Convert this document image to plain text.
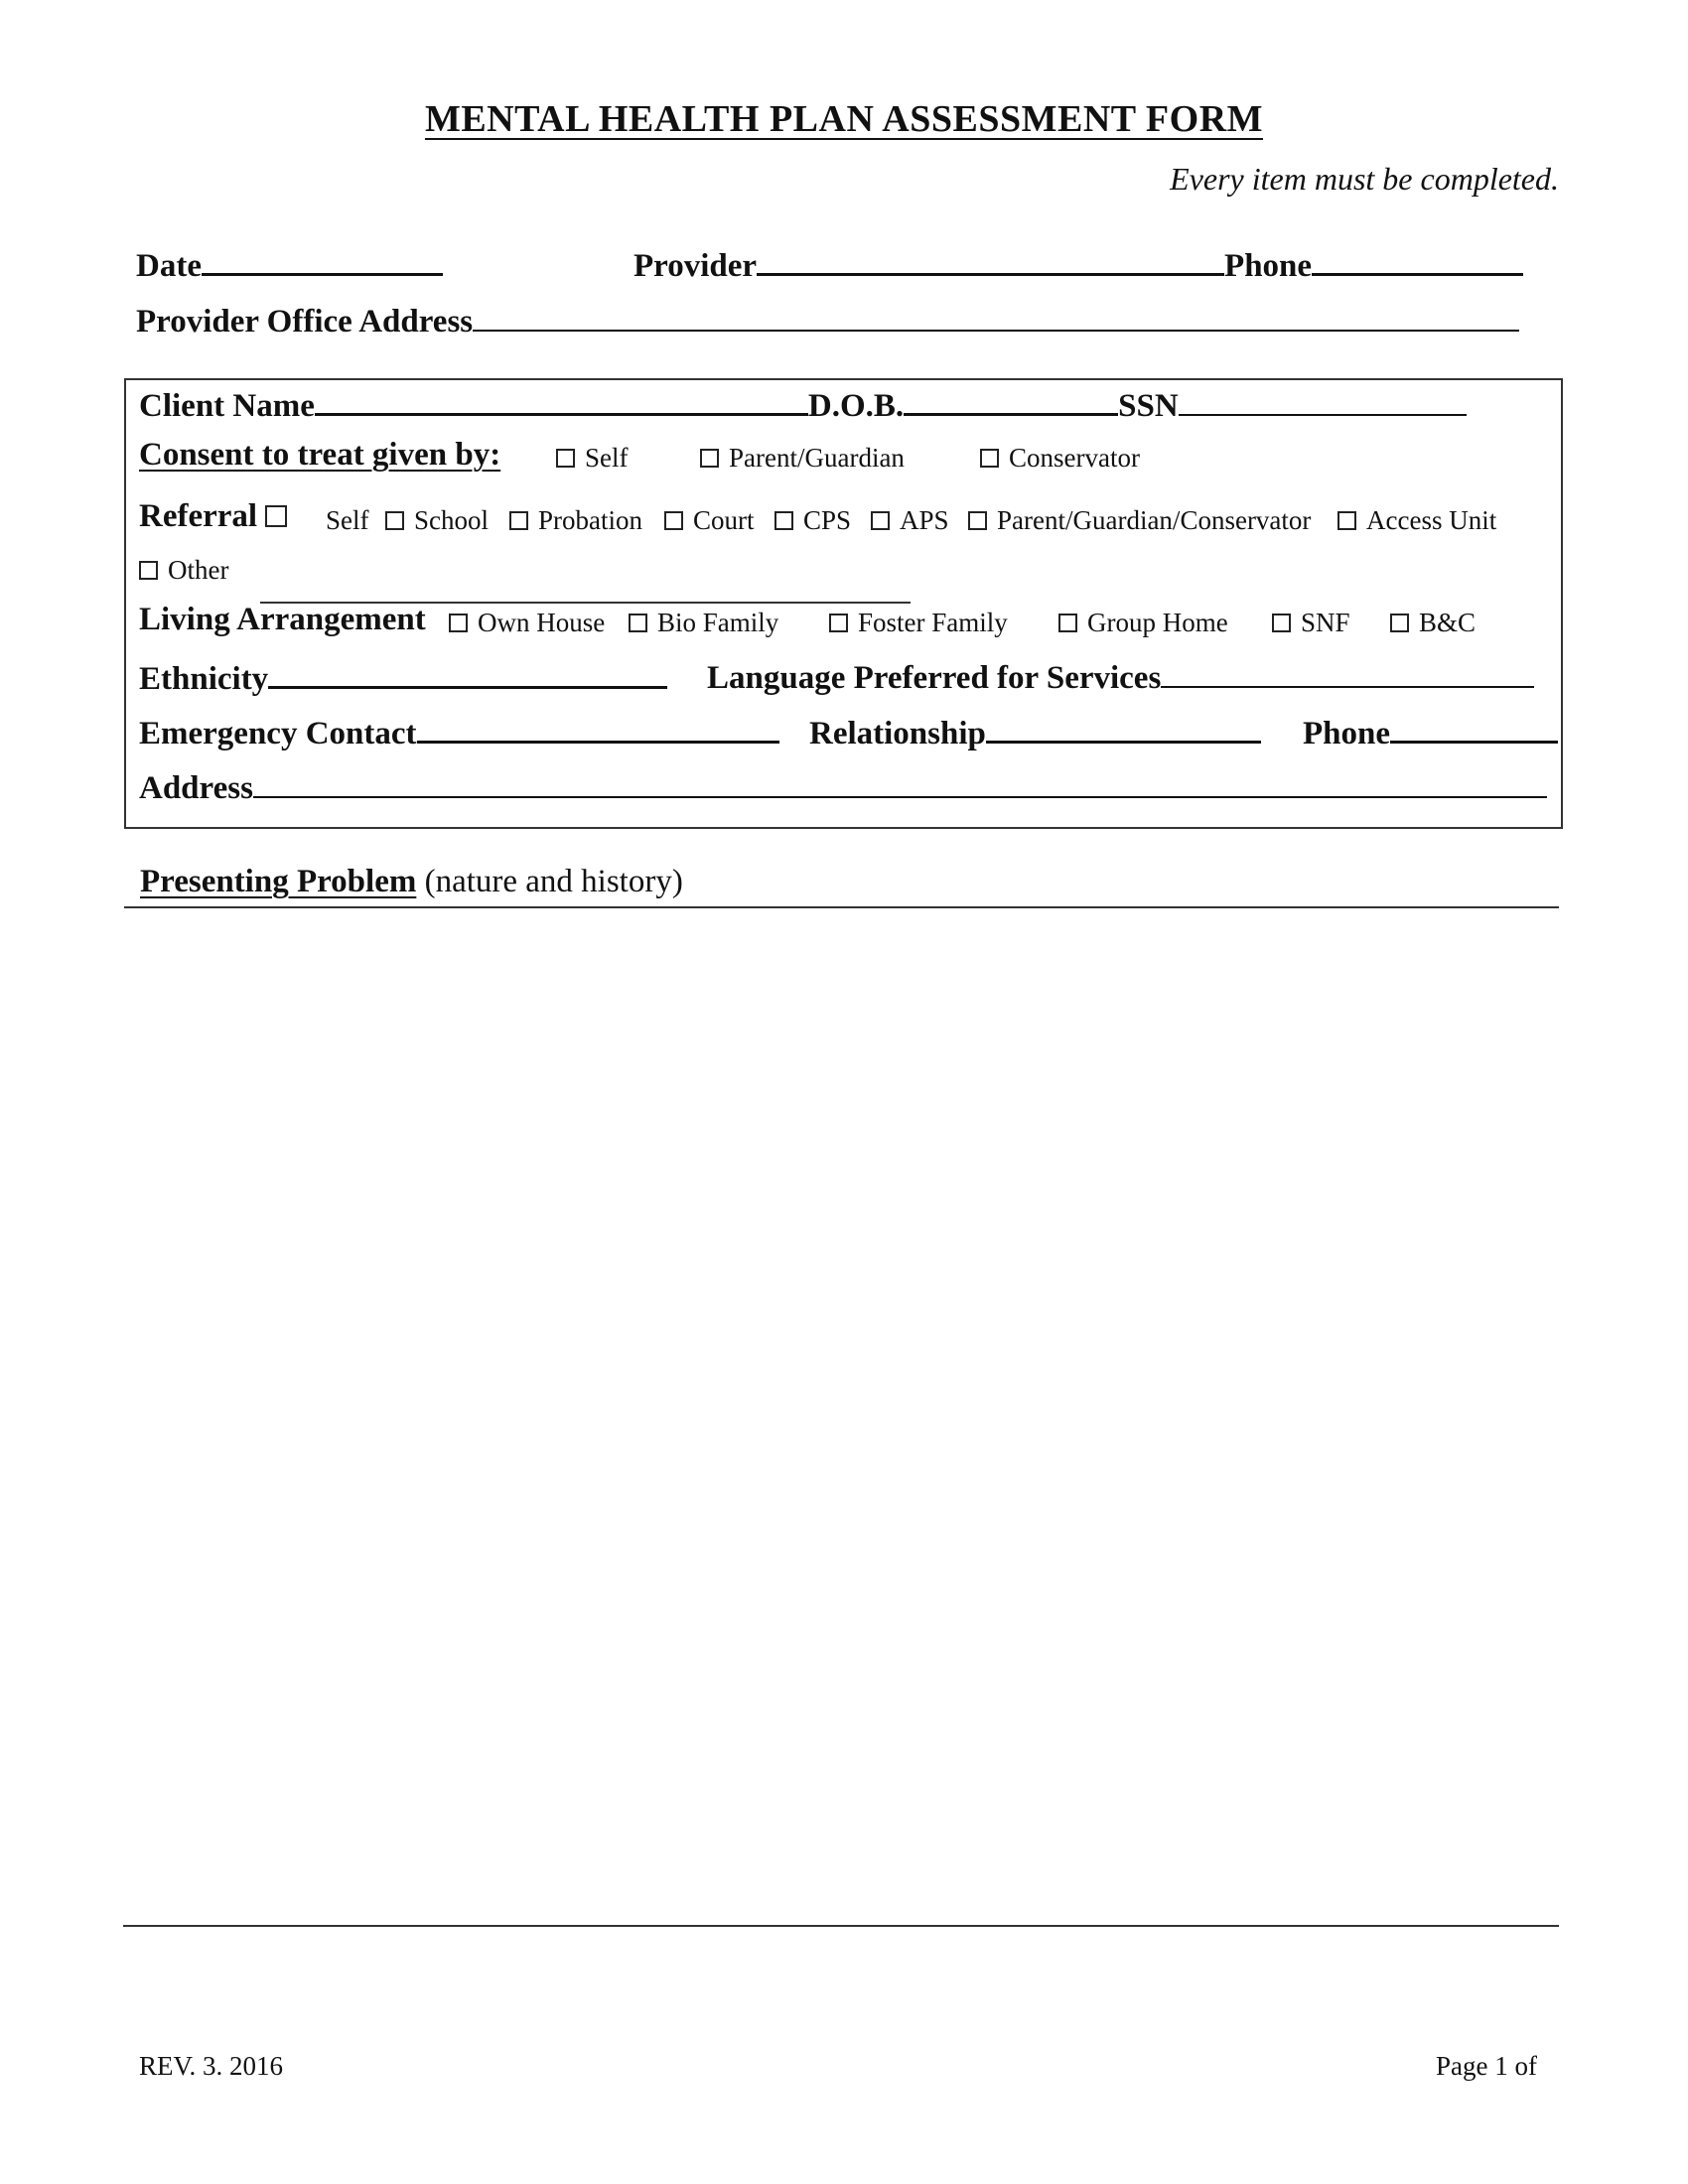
MENTAL HEALTH PLAN ASSESSMENT FORM
Every item must be completed.
Date	Provider	Phone
Provider Office Address
Client Name	D.O.B.	SSN
Consent to treat given by:	Self	Parent/Guardian	Conservator
Referral	Self	School	Probation	Court	CPS	APS	Parent/Guardian/Conservator	Access Unit
Other
Living Arrangement	Own House	Bio Family	Foster Family	Group Home	SNF	B&C
Ethnicity	Language Preferred for Services
Emergency Contact	Relationship	Phone
Address
Presenting Problem (nature and history)
REV. 3. 2016	Page 1 of
